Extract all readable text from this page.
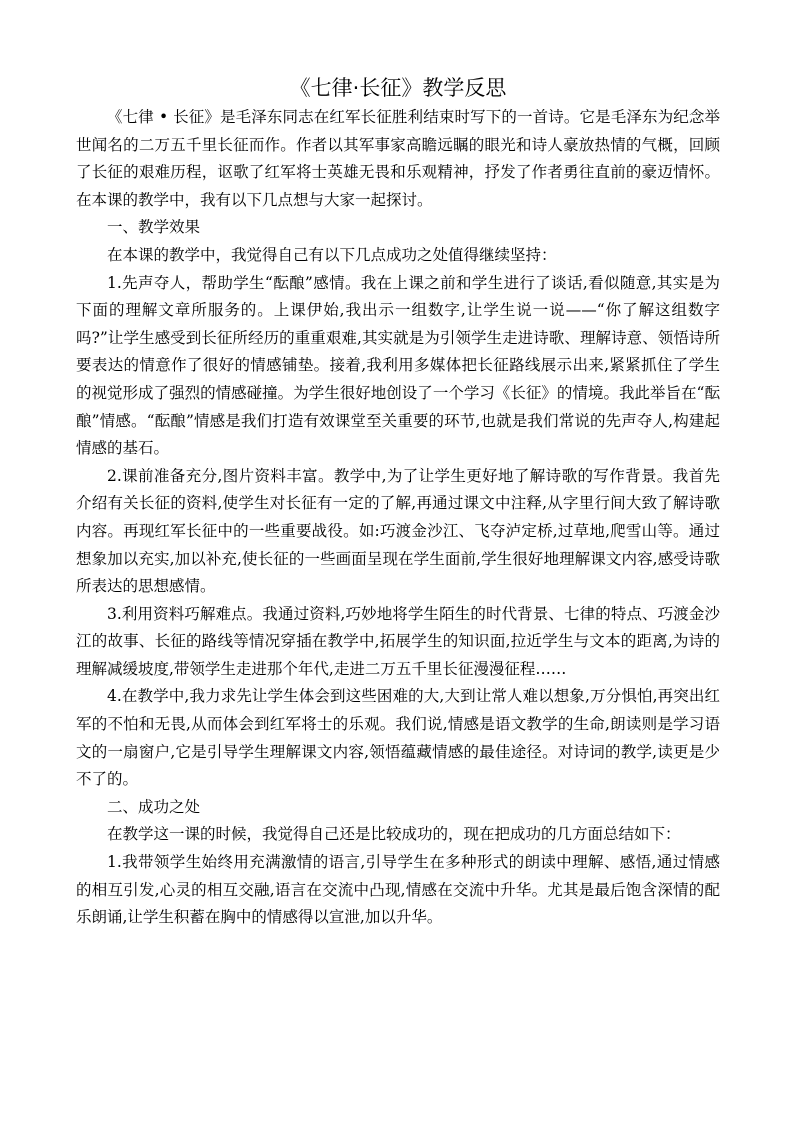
《七律·长征》教学反思

《七律 • 长征》是毛泽东同志在红军长征胜利结束时写下的一首诗。它是毛泽东为纪念举世闻名的二万五千里长征而作。作者以其军事家高瞻远瞩的眼光和诗人豪放热情的气概，回顾了长征的艰难历程，讴歌了红军将士英雄无畏和乐观精神，抒发了作者勇往直前的豪迈情怀。在本课的教学中，我有以下几点想与大家一起探讨。

一、教学效果

在本课的教学中，我觉得自己有以下几点成功之处值得继续坚持：

1.先声夺人，帮助学生“酝酿”感情。我在上课之前和学生进行了谈话,看似随意,其实是为下面的理解文章所服务的。上课伊始,我出示一组数字,让学生说一说——“你了解这组数字吗?”让学生感受到长征所经历的重重艰难,其实就是为引领学生走进诗歌、理解诗意、领悟诗所要表达的情意作了很好的情感铺垫。接着,我利用多媒体把长征路线展示出来,紧紧抓住了学生的视觉形成了强烈的情感碰撞。为学生很好地创设了一个学习《长征》的情境。我此举旨在“酝酿”情感。“酝酿”情感是我们打造有效课堂至关重要的环节,也就是我们常说的先声夺人,构建起情感的基石。

2.课前准备充分,图片资料丰富。教学中,为了让学生更好地了解诗歌的写作背景。我首先介绍有关长征的资料,使学生对长征有一定的了解,再通过课文中注释,从字里行间大致了解诗歌内容。再现红军长征中的一些重要战役。如:巧渡金沙江、飞夺泸定桥,过草地,爬雪山等。通过想象加以充实,加以补充,使长征的一些画面呈现在学生面前,学生很好地理解课文内容,感受诗歌所表达的思想感情。

3.利用资料巧解难点。我通过资料,巧妙地将学生陌生的时代背景、七律的特点、巧渡金沙江的故事、长征的路线等情况穿插在教学中,拓展学生的知识面,拉近学生与文本的距离,为诗的理解减缓坡度,带领学生走进那个年代,走进二万五千里长征漫漫征程……

4.在教学中,我力求先让学生体会到这些困难的大,大到让常人难以想象,万分惧怕,再突出红军的不怕和无畏,从而体会到红军将士的乐观。我们说,情感是语文教学的生命,朗读则是学习语文的一扇窗户,它是引导学生理解课文内容,领悟蕴藏情感的最佳途径。对诗词的教学,读更是少不了的。

二、成功之处

在教学这一课的时候，我觉得自己还是比较成功的，现在把成功的几方面总结如下：

1.我带领学生始终用充满激情的语言,引导学生在多种形式的朗读中理解、感悟,通过情感的相互引发,心灵的相互交融,语言在交流中凸现,情感在交流中升华。尤其是最后饱含深情的配乐朗诵,让学生积蓄在胸中的情感得以宣泄,加以升华。
